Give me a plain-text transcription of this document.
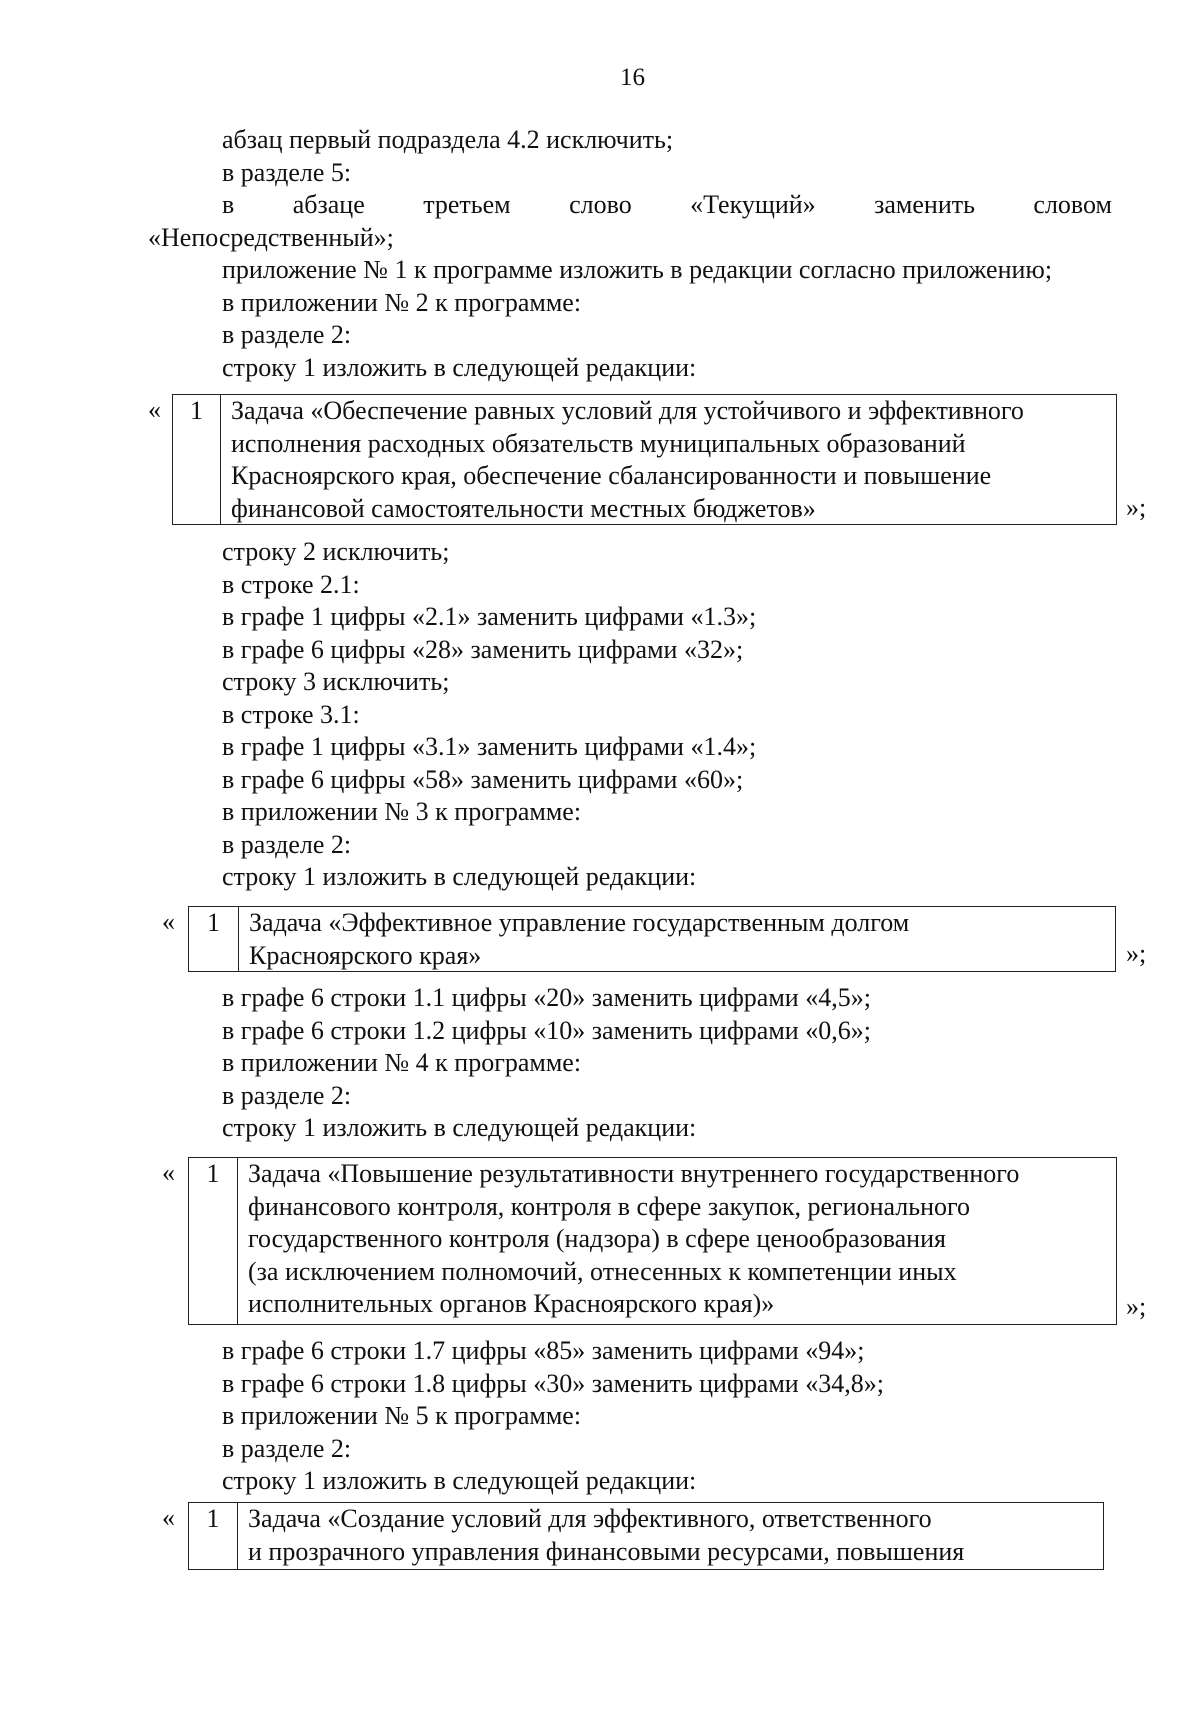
16
абзац первый подраздела 4.2 исключить;
в разделе 5:
в абзаце третьем слово «Текущий» заменить словом
«Непосредственный»;
приложение № 1 к программе изложить в редакции согласно приложению;
в приложении № 2 к программе:
в разделе 2:
строку 1 изложить в следующей редакции:
«	1	Задача «Обеспечение равных условий для устойчивого и эффективного
исполнения расходных обязательств муниципальных образований
Красноярского края, обеспечение сбалансированности и повышение
финансовой самостоятельности местных бюджетов»	»;
строку 2 исключить;
в строке 2.1:
в графе 1 цифры «2.1» заменить цифрами «1.3»;
в графе 6 цифры «28» заменить цифрами «32»;
строку 3 исключить;
в строке 3.1:
в графе 1 цифры «3.1» заменить цифрами «1.4»;
в графе 6 цифры «58» заменить цифрами «60»;
в приложении № 3 к программе:
в разделе 2:
строку 1 изложить в следующей редакции:
«	1	Задача «Эффективное управление государственным долгом
Красноярского края»	»;
в графе 6 строки 1.1 цифры «20» заменить цифрами «4,5»;
в графе 6 строки 1.2 цифры «10» заменить цифрами «0,6»;
в приложении № 4 к программе:
в разделе 2:
строку 1 изложить в следующей редакции:
«	1	Задача «Повышение результативности внутреннего государственного
финансового контроля, контроля в сфере закупок, регионального
государственного контроля (надзора) в сфере ценообразования
(за исключением полномочий, отнесенных к компетенции иных
исполнительных органов Красноярского края)»	»;
в графе 6 строки 1.7 цифры «85» заменить цифрами «94»;
в графе 6 строки 1.8 цифры «30» заменить цифрами «34,8»;
в приложении № 5 к программе:
в разделе 2:
строку 1 изложить в следующей редакции:
«	1	Задача «Создание условий для эффективного, ответственного
и прозрачного управления финансовыми ресурсами, повышения
